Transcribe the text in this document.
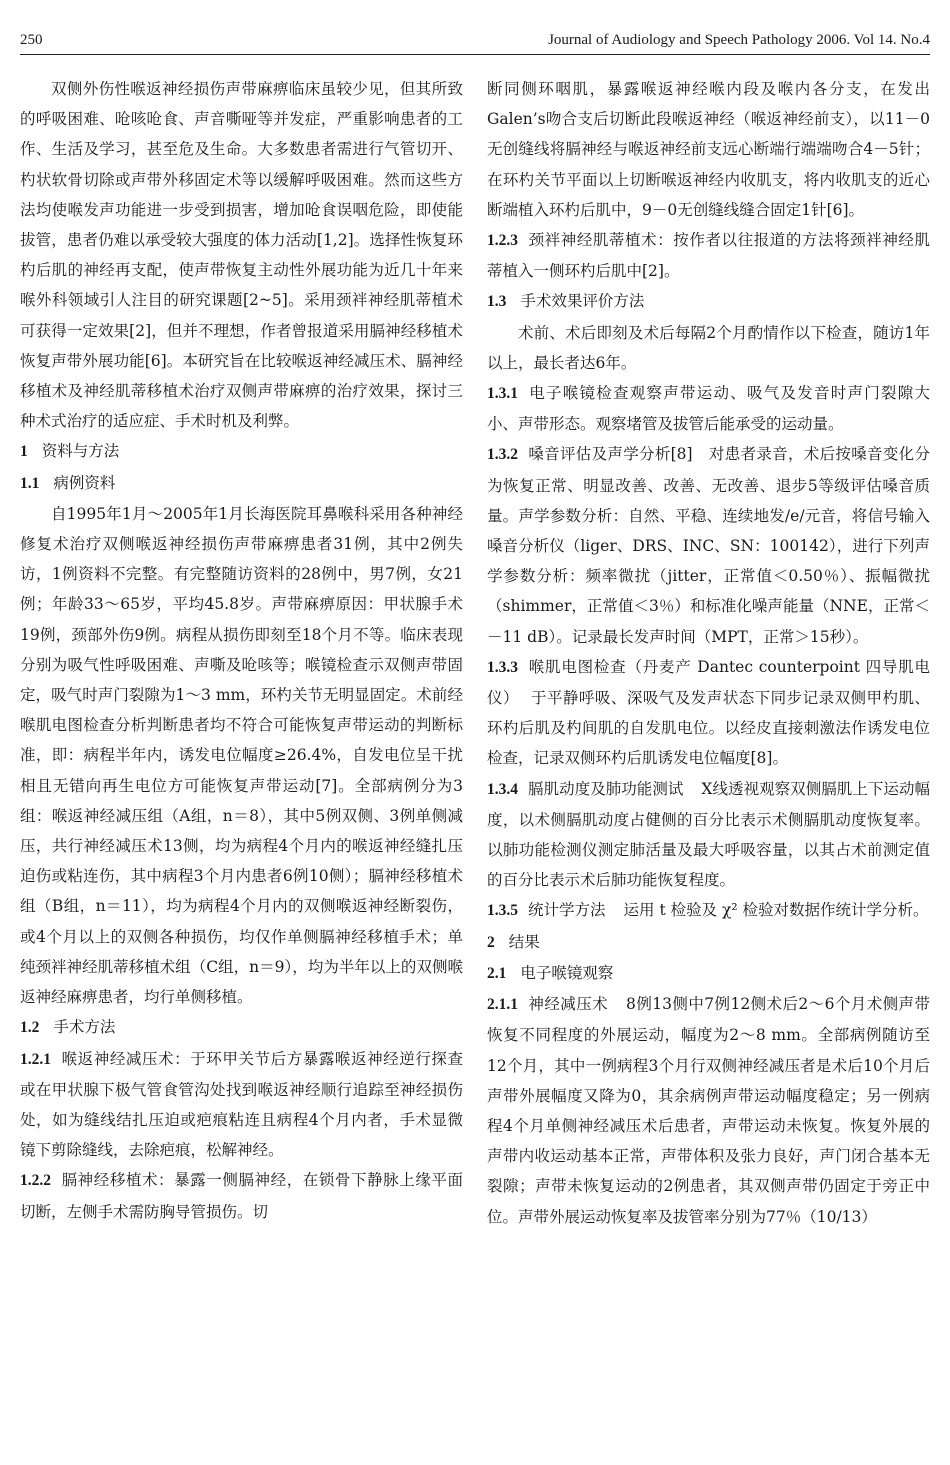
250	Journal of Audiology and Speech Pathology 2006. Vol 14. No.4

双侧外伤性喉返神经损伤声带麻痹临床虽较少见，但其所致的呼吸困难、呛咳呛食、声音嘶哑等并发症，严重影响患者的工作、生活及学习，甚至危及生命。大多数患者需进行气管切开、杓状软骨切除或声带外移固定术等以缓解呼吸困难。然而这些方法均使喉发声功能进一步受到损害，增加呛食误咽危险，即使能拔管，患者仍难以承受较大强度的体力活动[1,2]。选择性恢复环杓后肌的神经再支配，使声带恢复主动性外展功能为近几十年来喉外科领域引人注目的研究课题[2~5]。采用颈袢神经肌蒂植术可获得一定效果[2]，但并不理想，作者曾报道采用膈神经移植术恢复声带外展功能[6]。本研究旨在比较喉返神经减压术、膈神经移植术及神经肌蒂移植术治疗双侧声带麻痹的治疗效果，探讨三种术式治疗的适应症、手术时机及利弊。

1 资料与方法
1.1 病例资料

自1995年1月～2005年1月长海医院耳鼻喉科采用各种神经修复术治疗双侧喉返神经损伤声带麻痹患者31例，其中2例失访，1例资料不完整。有完整随访资料的28例中，男7例，女21例；年龄33～65岁，平均45.8岁。声带麻痹原因：甲状腺手术19例，颈部外伤9例。病程从损伤即刻至18个月不等。临床表现分别为吸气性呼吸困难、声嘶及呛咳等；喉镜检查示双侧声带固定，吸气时声门裂隙为1～3 mm，环杓关节无明显固定。术前经喉肌电图检查分析判断患者均不符合可能恢复声带运动的判断标准，即：病程半年内，诱发电位幅度≥26.4%，自发电位呈干扰相且无错向再生电位方可能恢复声带运动[7]。全部病例分为3组：喉返神经减压组（A组，n＝8），其中5例双侧、3例单侧减压，共行神经减压术13侧，均为病程4个月内的喉返神经缝扎压迫伤或粘连伤，其中病程3个月内患者6例10侧）；膈神经移植术组（B组，n＝11），均为病程4个月内的双侧喉返神经断裂伤，或4个月以上的双侧各种损伤，均仅作单侧膈神经移植手术；单纯颈袢神经肌蒂移植术组（C组，n＝9），均为半年以上的双侧喉返神经麻痹患者，均行单侧移植。

1.2 手术方法

1.2.1 喉返神经减压术：于环甲关节后方暴露喉返神经逆行探查或在甲状腺下极气管食管沟处找到喉返神经顺行追踪至神经损伤处，如为缝线结扎压迫或疤痕粘连且病程4个月内者，手术显微镜下剪除缝线，去除疤痕，松解神经。

1.2.2 膈神经移植术：暴露一侧膈神经，在锁骨下静脉上缘平面切断，左侧手术需防胸导管损伤。切

断同侧环咽肌，暴露喉返神经喉内段及喉内各分支，在发出Galen’s吻合支后切断此段喉返神经（喉返神经前支），以11－0无创缝线将膈神经与喉返神经前支远心断端行端端吻合4－5针；在环杓关节平面以上切断喉返神经内收肌支，将内收肌支的近心断端植入环杓后肌中，9－0无创缝线缝合固定1针[6]。

1.2.3 颈袢神经肌蒂植术：按作者以往报道的方法将颈袢神经肌蒂植入一侧环杓后肌中[2]。

1.3 手术效果评价方法

术前、术后即刻及术后每隔2个月酌情作以下检查，随访1年以上，最长者达6年。

1.3.1 电子喉镜检查观察声带运动、吸气及发音时声门裂隙大小、声带形态。观察堵管及拔管后能承受的运动量。

1.3.2 嗓音评估及声学分析[8] 对患者录音，术后按嗓音变化分为恢复正常、明显改善、改善、无改善、退步5等级评估嗓音质量。声学参数分析：自然、平稳、连续地发/e/元音，将信号输入嗓音分析仪（liger、DRS、INC、SN：100142），进行下列声学参数分析：频率微扰（jitter，正常值＜0.50％）、振幅微扰（shimmer，正常值＜3％）和标准化噪声能量（NNE，正常＜－11 dB）。记录最长发声时间（MPT，正常＞15秒）。

1.3.3 喉肌电图检查（丹麦产 Dantec counterpoint 四导肌电仪） 于平静呼吸、深吸气及发声状态下同步记录双侧甲杓肌、环杓后肌及杓间肌的自发肌电位。以经皮直接刺激法作诱发电位检查，记录双侧环杓后肌诱发电位幅度[8]。

1.3.4 膈肌动度及肺功能测试 X线透视观察双侧膈肌上下运动幅度，以术侧膈肌动度占健侧的百分比表示术侧膈肌动度恢复率。以肺功能检测仪测定肺活量及最大呼吸容量，以其占术前测定值的百分比表示术后肺功能恢复程度。

1.3.5 统计学方法 运用 t 检验及 χ² 检验对数据作统计学分析。

2 结果
2.1 电子喉镜观察

2.1.1 神经减压术 8例13侧中7例12侧术后2～6个月术侧声带恢复不同程度的外展运动，幅度为2～8 mm。全部病例随访至12个月，其中一例病程3个月行双侧神经减压者是术后10个月后声带外展幅度又降为0，其余病例声带运动幅度稳定；另一例病程4个月单侧神经减压术后患者，声带运动未恢复。恢复外展的声带内收运动基本正常，声带体积及张力良好，声门闭合基本无裂隙；声带未恢复运动的2例患者，其双侧声带仍固定于旁正中位。声带外展运动恢复率及拔管率分别为77％（10/13）
